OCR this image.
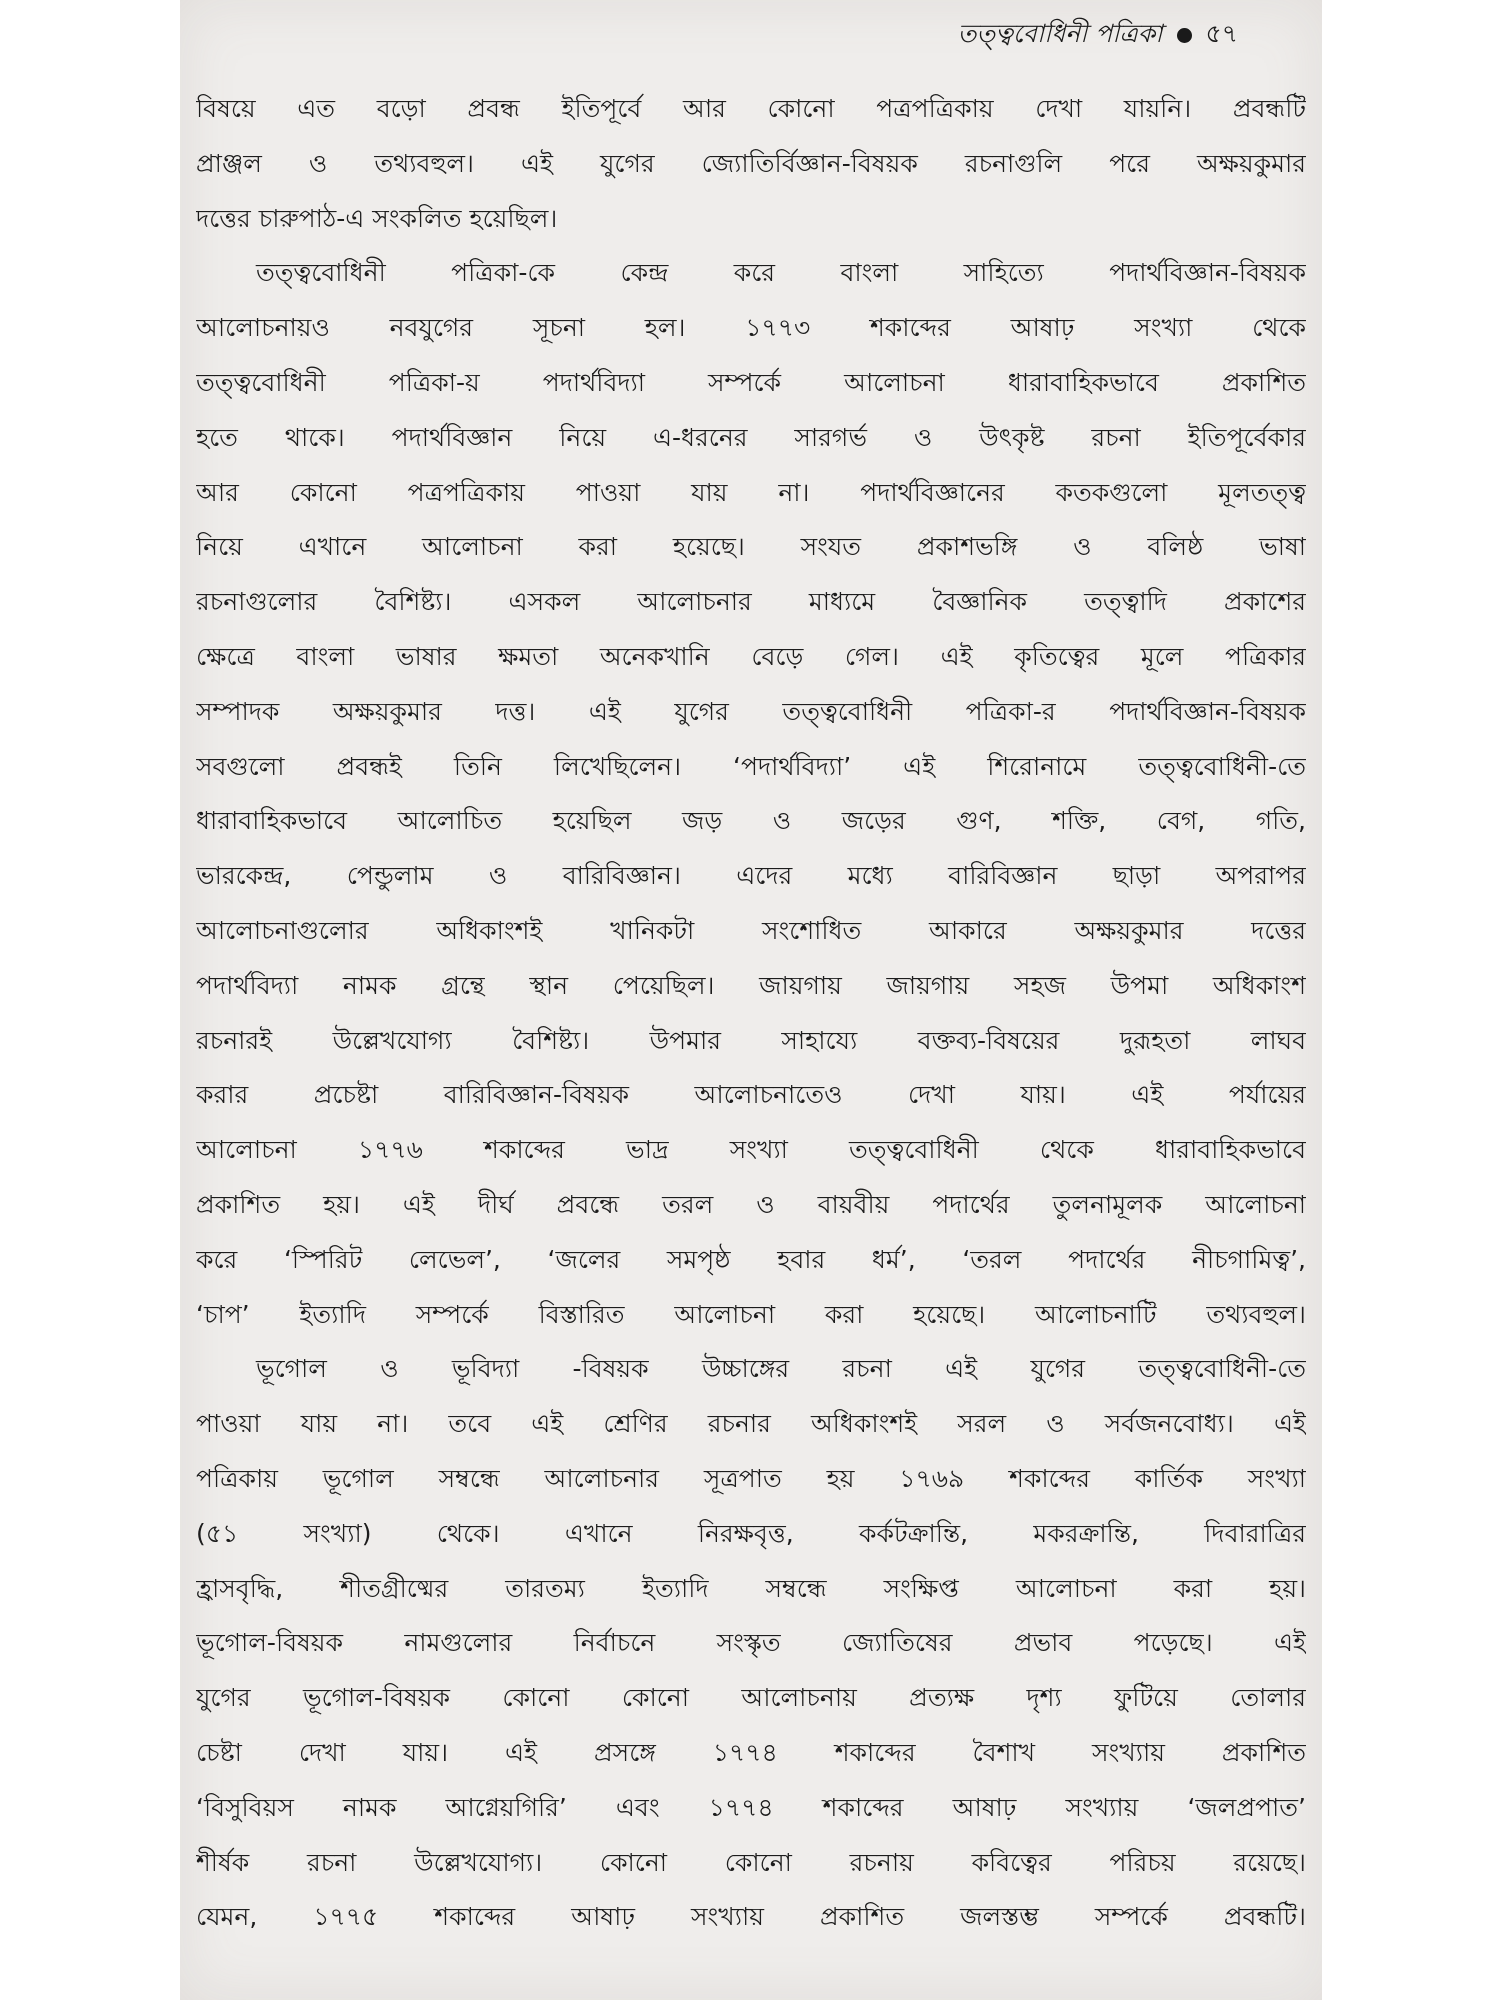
তত্ত্ববোধিনী পত্রিকা ৫৭
বিষয়ে এত বড়ো প্রবন্ধ ইতিপূর্বে আর কোনো পত্রপত্রিকায় দেখা যায়নি। প্রবন্ধটি
প্রাঞ্জল ও তথ্যবহুল। এই যুগের জ্যোতির্বিজ্ঞান-বিষয়ক রচনাগুলি পরে অক্ষয়কুমার
দত্তের চারুপাঠ-এ সংকলিত হয়েছিল।
তত্ত্ববোধিনী পত্রিকা-কে কেন্দ্র করে বাংলা সাহিত্যে পদার্থবিজ্ঞান-বিষয়ক
আলোচনায়ও নবযুগের সূচনা হল। ১৭৭৩ শকাব্দের আষাঢ় সংখ্যা থেকে
তত্ত্ববোধিনী পত্রিকা-য় পদার্থবিদ্যা সম্পর্কে আলোচনা ধারাবাহিকভাবে প্রকাশিত
হতে থাকে। পদার্থবিজ্ঞান নিয়ে এ-ধরনের সারগর্ভ ও উৎকৃষ্ট রচনা ইতিপূর্বেকার
আর কোনো পত্রপত্রিকায় পাওয়া যায় না। পদার্থবিজ্ঞানের কতকগুলো মূলতত্ত্ব
নিয়ে এখানে আলোচনা করা হয়েছে। সংযত প্রকাশভঙ্গি ও বলিষ্ঠ ভাষা
রচনাগুলোর বৈশিষ্ট্য। এসকল আলোচনার মাধ্যমে বৈজ্ঞানিক তত্ত্বাদি প্রকাশের
ক্ষেত্রে বাংলা ভাষার ক্ষমতা অনেকখানি বেড়ে গেল। এই কৃতিত্বের মূলে পত্রিকার
সম্পাদক অক্ষয়কুমার দত্ত। এই যুগের তত্ত্ববোধিনী পত্রিকা-র পদার্থবিজ্ঞান-বিষয়ক
সবগুলো প্রবন্ধই তিনি লিখেছিলেন। ‘পদার্থবিদ্যা’ এই শিরোনামে তত্ত্ববোধিনী-তে
ধারাবাহিকভাবে আলোচিত হয়েছিল জড় ও জড়ের গুণ, শক্তি, বেগ, গতি,
ভারকেন্দ্র, পেন্ডুলাম ও বারিবিজ্ঞান। এদের মধ্যে বারিবিজ্ঞান ছাড়া অপরাপর
আলোচনাগুলোর অধিকাংশই খানিকটা সংশোধিত আকারে অক্ষয়কুমার দত্তের
পদার্থবিদ্যা নামক গ্রন্থে স্থান পেয়েছিল। জায়গায় জায়গায় সহজ উপমা অধিকাংশ
রচনারই উল্লেখযোগ্য বৈশিষ্ট্য। উপমার সাহায্যে বক্তব্য-বিষয়ের দুরূহতা লাঘব
করার প্রচেষ্টা বারিবিজ্ঞান-বিষয়ক আলোচনাতেও দেখা যায়। এই পর্যায়ের
আলোচনা ১৭৭৬ শকাব্দের ভাদ্র সংখ্যা তত্ত্ববোধিনী থেকে ধারাবাহিকভাবে
প্রকাশিত হয়। এই দীর্ঘ প্রবন্ধে তরল ও বায়বীয় পদার্থের তুলনামূলক আলোচনা
করে ‘স্পিরিট লেভেল’, ‘জলের সমপৃষ্ঠ হবার ধর্ম’, ‘তরল পদার্থের নীচগামিত্ব’,
‘চাপ’ ইত্যাদি সম্পর্কে বিস্তারিত আলোচনা করা হয়েছে। আলোচনাটি তথ্যবহুল।
ভূগোল ও ভূবিদ্যা -বিষয়ক উচ্চাঙ্গের রচনা এই যুগের তত্ত্ববোধিনী-তে
পাওয়া যায় না। তবে এই শ্রেণির রচনার অধিকাংশই সরল ও সর্বজনবোধ্য। এই
পত্রিকায় ভূগোল সম্বন্ধে আলোচনার সূত্রপাত হয় ১৭৬৯ শকাব্দের কার্তিক সংখ্যা
(৫১ সংখ্যা) থেকে। এখানে নিরক্ষবৃত্ত, কর্কটক্রান্তি, মকরক্রান্তি, দিবারাত্রির
হ্রাসবৃদ্ধি, শীতগ্রীষ্মের তারতম্য ইত্যাদি সম্বন্ধে সংক্ষিপ্ত আলোচনা করা হয়।
ভূগোল-বিষয়ক নামগুলোর নির্বাচনে সংস্কৃত জ্যোতিষের প্রভাব পড়েছে। এই
যুগের ভূগোল-বিষয়ক কোনো কোনো আলোচনায় প্রত্যক্ষ দৃশ্য ফুটিয়ে তোলার
চেষ্টা দেখা যায়। এই প্রসঙ্গে ১৭৭৪ শকাব্দের বৈশাখ সংখ্যায় প্রকাশিত
‘বিসুবিয়স নামক আগ্নেয়গিরি’ এবং ১৭৭৪ শকাব্দের আষাঢ় সংখ্যায় ‘জলপ্রপাত’
শীর্ষক রচনা উল্লেখযোগ্য। কোনো কোনো রচনায় কবিত্বের পরিচয় রয়েছে।
যেমন, ১৭৭৫ শকাব্দের আষাঢ় সংখ্যায় প্রকাশিত জলস্তম্ভ সম্পর্কে প্রবন্ধটি।
